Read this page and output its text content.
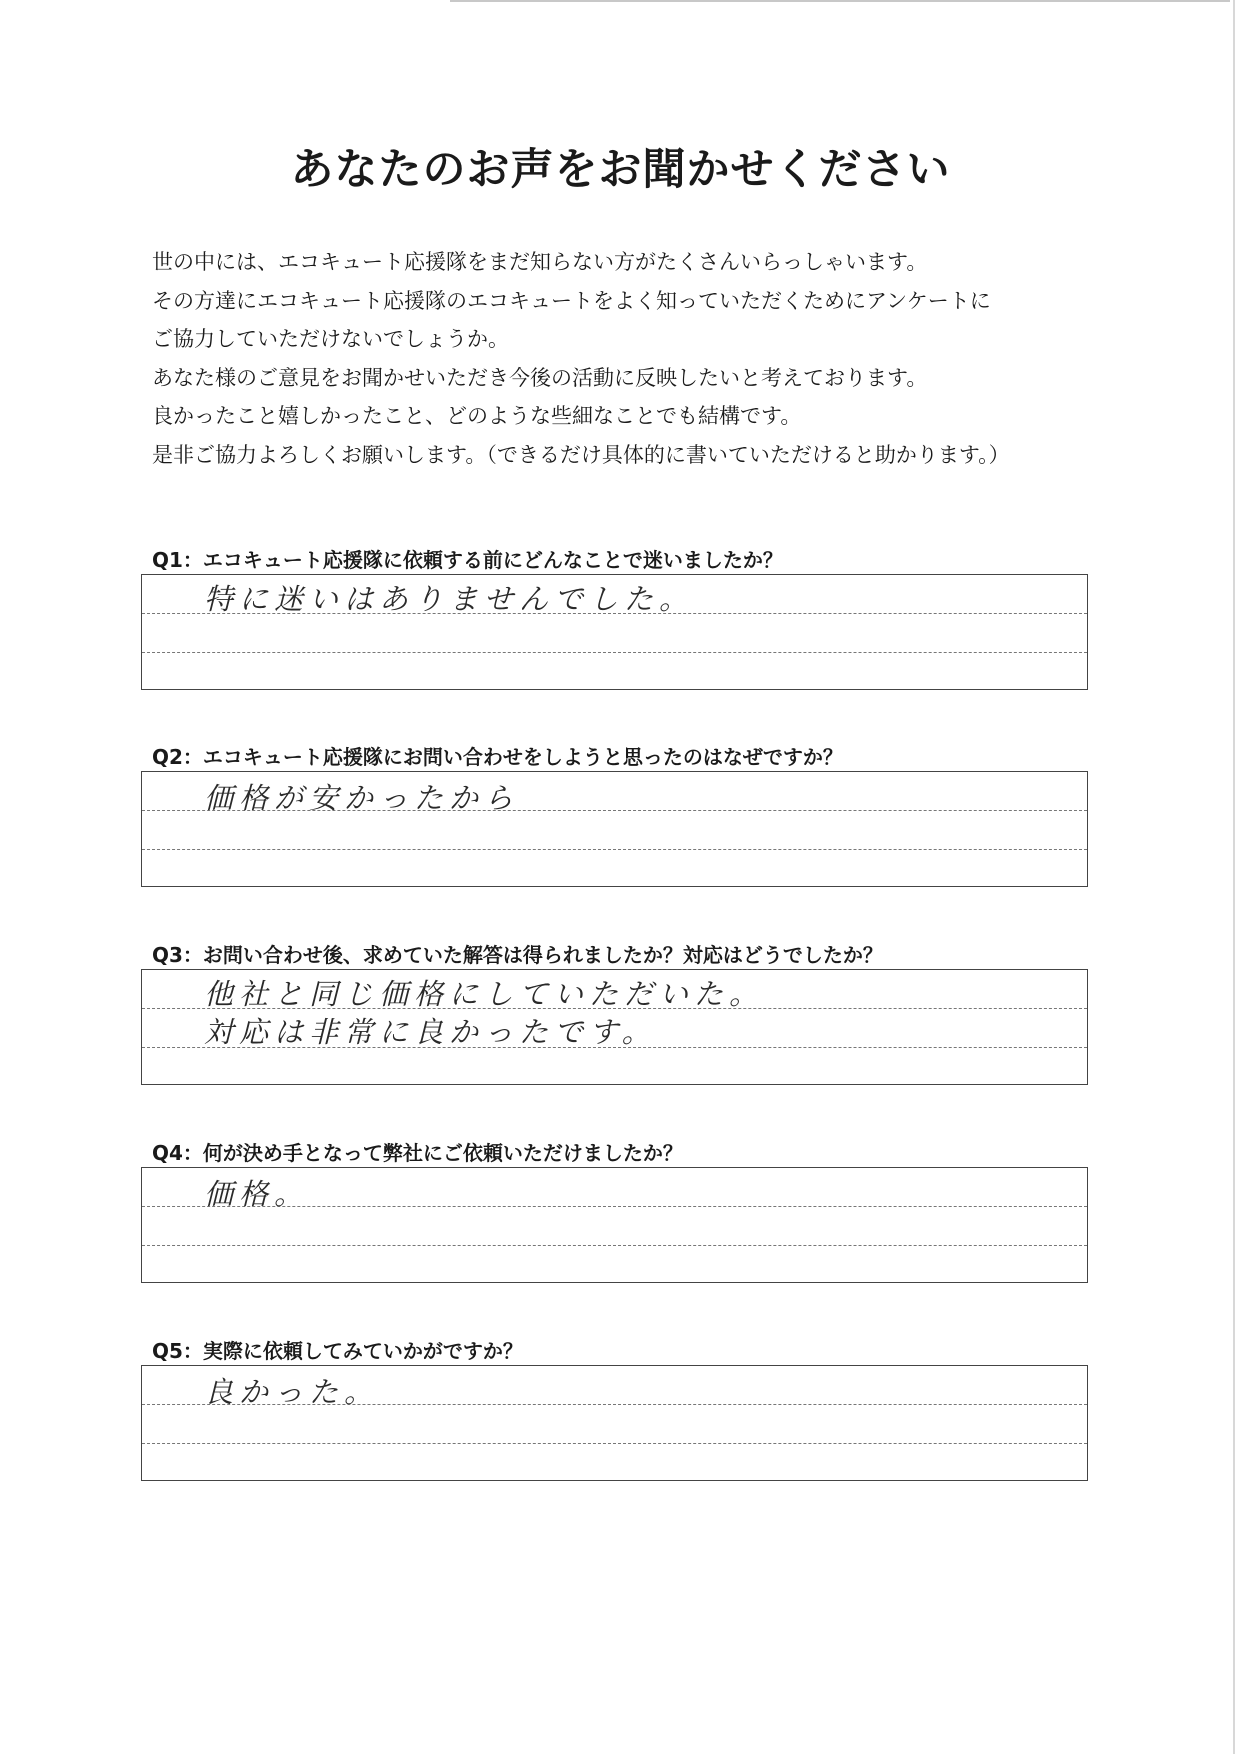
あなたのお声をお聞かせください
世の中には、エコキュート応援隊をまだ知らない方がたくさんいらっしゃいます。
その方達にエコキュート応援隊のエコキュートをよく知っていただくためにアンケートに
ご協力していただけないでしょうか。
あなた様のご意見をお聞かせいただき今後の活動に反映したいと考えております。
良かったこと嬉しかったこと、どのような些細なことでも結構です。
是非ご協力よろしくお願いします。（できるだけ具体的に書いていただけると助かります。）
Q1：エコキュート応援隊に依頼する前にどんなことで迷いましたか？
特に迷いはありませんでした。
Q2：エコキュート応援隊にお問い合わせをしようと思ったのはなぜですか？
価格が安かったから
Q3：お問い合わせ後、求めていた解答は得られましたか？対応はどうでしたか？
他社と同じ価格にしていただいた。
対応は非常に良かったです。
Q4：何が決め手となって弊社にご依頼いただけましたか？
価格。
Q5：実際に依頼してみていかがですか？
良かった。
